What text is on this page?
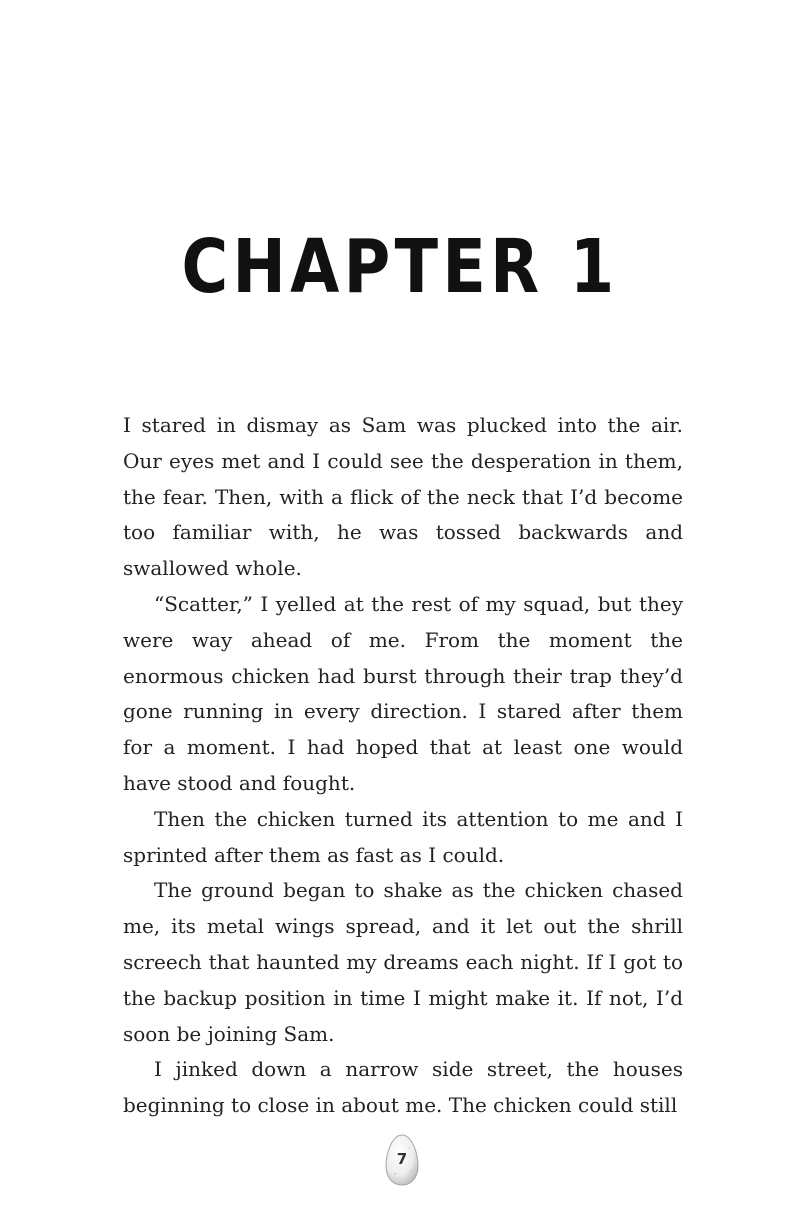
CHAPTER 1

I stared in dismay as Sam was plucked into the air. Our eyes met and I could see the desperation in them, the fear. Then, with a flick of the neck that I’d become too familiar with, he was tossed backwards and swallowed whole.

“Scatter,” I yelled at the rest of my squad, but they were way ahead of me. From the moment the enormous chicken had burst through their trap they’d gone running in every direction. I stared after them for a moment. I had hoped that at least one would have stood and fought.

Then the chicken turned its attention to me and I sprinted after them as fast as I could.

The ground began to shake as the chicken chased me, its metal wings spread, and it let out the shrill screech that haunted my dreams each night. If I got to the backup position in time I might make it. If not, I’d soon be joining Sam.

I jinked down a narrow side street, the houses beginning to close in about me. The chicken could still

7
